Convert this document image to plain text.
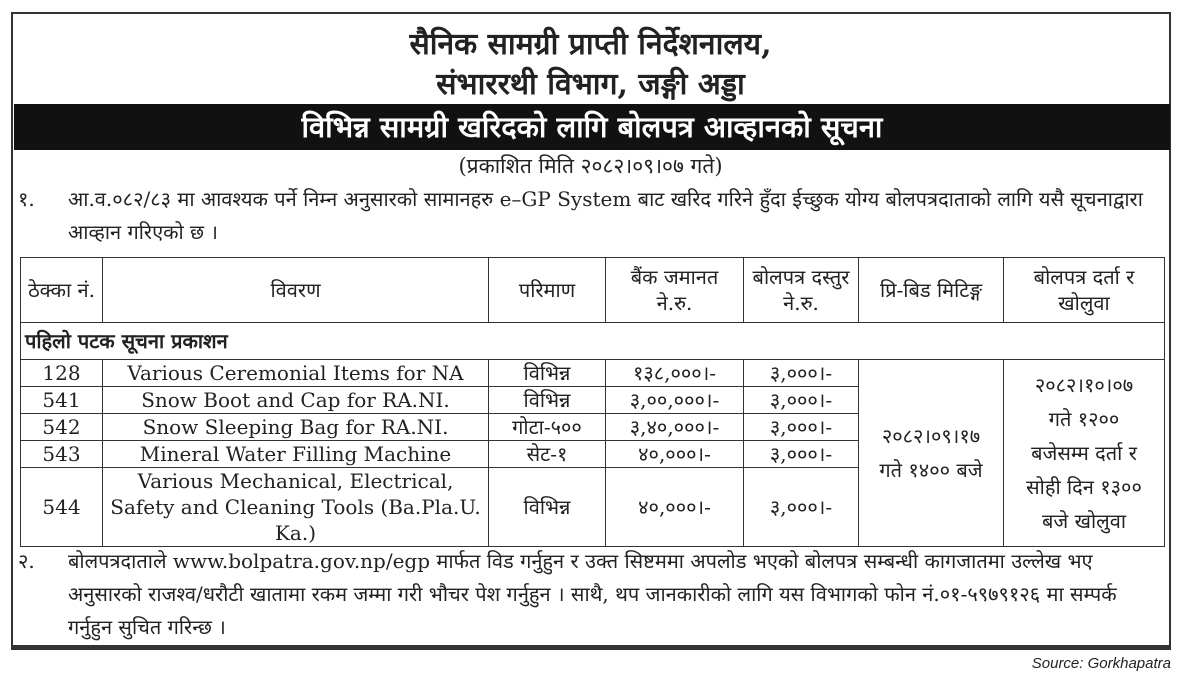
सैनिक सामग्री प्राप्ती निर्देशनालय,
संभाररथी विभाग, जङ्गी अड्डा
विभिन्न सामग्री खरिदको लागि बोलपत्र आव्हानको सूचना
(प्रकाशित मिति २०८२।०९।०७ गते)
१. आ.व.०८२/८३ मा आवश्यक पर्ने निम्न अनुसारको सामानहरु e–GP System बाट खरिद गरिने हुँदा ईच्छुक योग्य बोलपत्रदाताको लागि यसै सूचनाद्वारा आव्हान गरिएको छ ।
ठेक्का नं.	विवरण	परिमाण	बैंक जमानत ने.रु.	बोलपत्र दस्तुर ने.रु.	प्रि-बिड मिटिङ्ग	बोलपत्र दर्ता र खोलुवा
पहिलो पटक सूचना प्रकाशन						
128	Various Ceremonial Items for NA	विभिन्न	१३८,०००।-	३,०००।-	२०८२।०९।१७ गते १४०० बजे	२०८२।१०।०७ गते १२०० बजेसम्म दर्ता र सोही दिन १३०० बजे खोलुवा
541	Snow Boot and Cap for RA.NI.	विभिन्न	३,००,०००।-	३,०००।-		
542	Snow Sleeping Bag for RA.NI.	गोटा-५००	३,४०,०००।-	३,०००।-		
543	Mineral Water Filling Machine	सेट-१	४०,०००।-	३,०००।-		
544	Various Mechanical, Electrical, Safety and Cleaning Tools (Ba.Pla.U. Ka.)	विभिन्न	४०,०००।-	३,०००।-		
२. बोलपत्रदाताले www.bolpatra.gov.np/egp मार्फत विड गर्नुहुन र उक्त सिष्टममा अपलोड भएको बोलपत्र सम्बन्धी कागजातमा उल्लेख भए अनुसारको राजश्व/धरौटी खातामा रकम जम्मा गरी भौचर पेश गर्नुहुन । साथै, थप जानकारीको लागि यस विभागको फोन नं.०१-५९७९१२६ मा सम्पर्क गर्नुहुन सुचित गरिन्छ ।
Source: Gorkhapatra
